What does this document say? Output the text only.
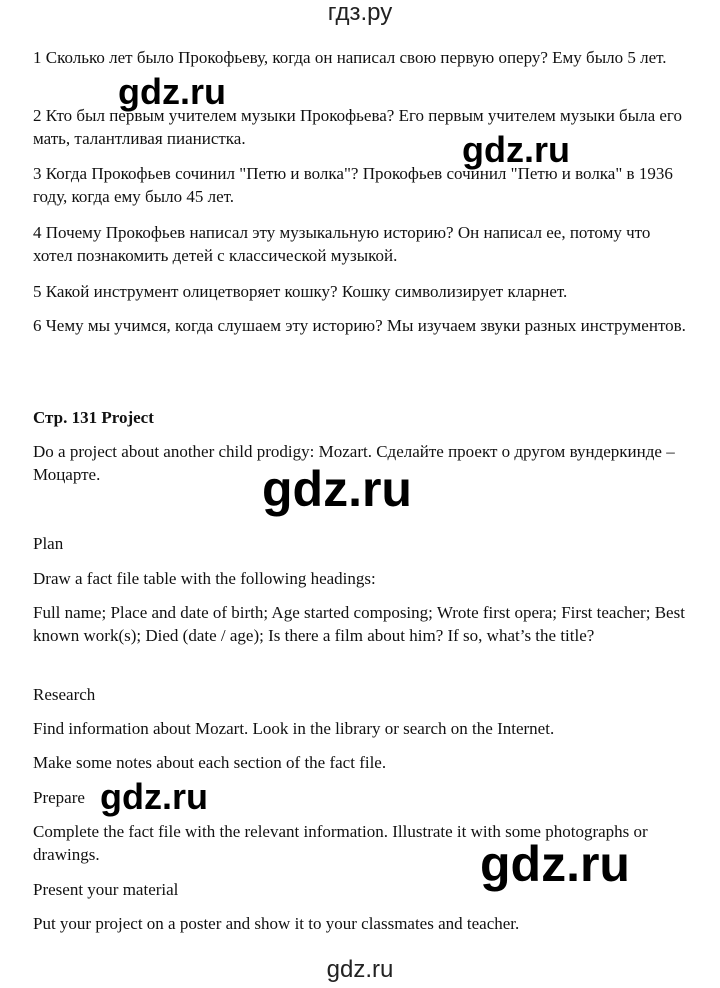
гдз.ру

1 Сколько лет было Прокофьеву, когда он написал свою первую оперу? Ему было 5 лет.

2 Кто был первым учителем музыки Прокофьева? Его первым учителем музыки была его мать, талантливая пианистка.

3 Когда Прокофьев сочинил "Петю и волка"? Прокофьев сочинил "Петю и волка" в 1936 году, когда ему было 45 лет.

4 Почему Прокофьев написал эту музыкальную историю? Он написал ее, потому что хотел познакомить детей с классической музыкой.

5 Какой инструмент олицетворяет кошку? Кошку символизирует кларнет.

6 Чему мы учимся, когда слушаем эту историю? Мы изучаем звуки разных инструментов.

Стр. 131 Project

Do a project about another child prodigy: Mozart. Сделайте проект о другом вундеркинде – Моцарте.

Plan

Draw a fact file table with the following headings:

Full name; Place and date of birth; Age started composing; Wrote first opera; First teacher; Best known work(s); Died (date / age); Is there a film about him? If so, what’s the title?

Research

Find information about Mozart. Look in the library or search on the Internet.

Make some notes about each section of the fact file.

Prepare

Complete the fact file with the relevant information. Illustrate it with some photographs or drawings.

Present your material

Put your project on a poster and show it to your classmates and teacher.

gdz.ru
gdz.ru
gdz.ru
gdz.ru
gdz.ru
gdz.ru
